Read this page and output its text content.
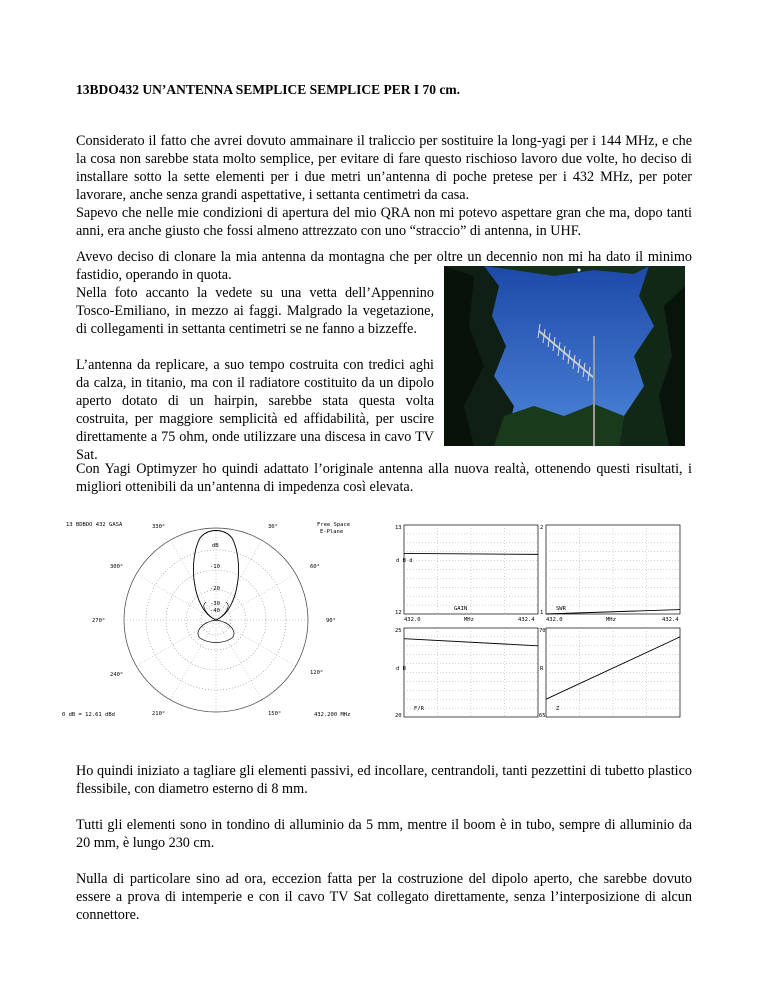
13BDO432 UN’ANTENNA SEMPLICE SEMPLICE PER I 70 cm.

Considerato il fatto che avrei dovuto ammainare il traliccio per sostituire la long-yagi per i 144 MHz, e che la cosa non sarebbe stata molto semplice, per evitare di fare questo rischioso lavoro due volte, ho deciso di installare sotto la sette elementi per i due metri un’antenna di poche pretese per i 432 MHz, per poter lavorare, anche senza grandi aspettative, i settanta centimetri da casa.

Sapevo che nelle mie condizioni di apertura del mio QRA non mi potevo aspettare gran che ma, dopo tanti anni, era anche giusto che fossi almeno attrezzato con uno “straccio” di antenna, in UHF.

Avevo deciso di clonare la mia antenna da montagna che per oltre un decennio non mi ha dato il minimo fastidio, operando in quota.

Nella foto accanto la vedete su una vetta dell’Appennino Tosco-Emiliano, in mezzo ai faggi. Malgrado la vegetazione, di collegamenti in settanta centimetri se ne fanno a bizzeffe.

L’antenna da replicare, a suo tempo costruita con tredici aghi da calza, in titanio, ma con il radiatore costituito da un dipolo aperto dotato di un hairpin, sarebbe stata questa volta costruita, per maggiore semplicità ed affidabilità, per uscire direttamente a 75 ohm, onde utilizzare una discesa in cavo TV Sat.

Con Yagi Optimyzer ho quindi adattato l’originale antenna alla nuova realtà, ottenendo questi risultati, i migliori ottenibili da un’antenna di impedenza così elevata.

13 BDBDO 432 GASA	Free Space
E-Plane
dB
-10
-20
-30
-40
330°	30°
300°	60°
270°	90°
240°	120°
210°	150°
0 dB = 12.61 dBd	432.200 MHz
13
12
d B d
GAIN
2
1
SWR
432.0	MHz	432.4 432.0	MHz	432.4
25
20
d B
F/R
70
65
R
Z

Ho quindi iniziato a tagliare gli elementi passivi, ed incollare, centrandoli, tanti pezzettini di tubetto plastico flessibile, con diametro esterno di 8 mm.

Tutti gli elementi sono in tondino di alluminio da 5 mm, mentre il boom è in tubo, sempre di alluminio da 20 mm, è lungo 230 cm.

Nulla di particolare sino ad ora, eccezion fatta per la costruzione del dipolo aperto, che sarebbe dovuto essere a prova di intemperie e con il cavo TV Sat collegato direttamente, senza l’interposizione di alcun connettore.
